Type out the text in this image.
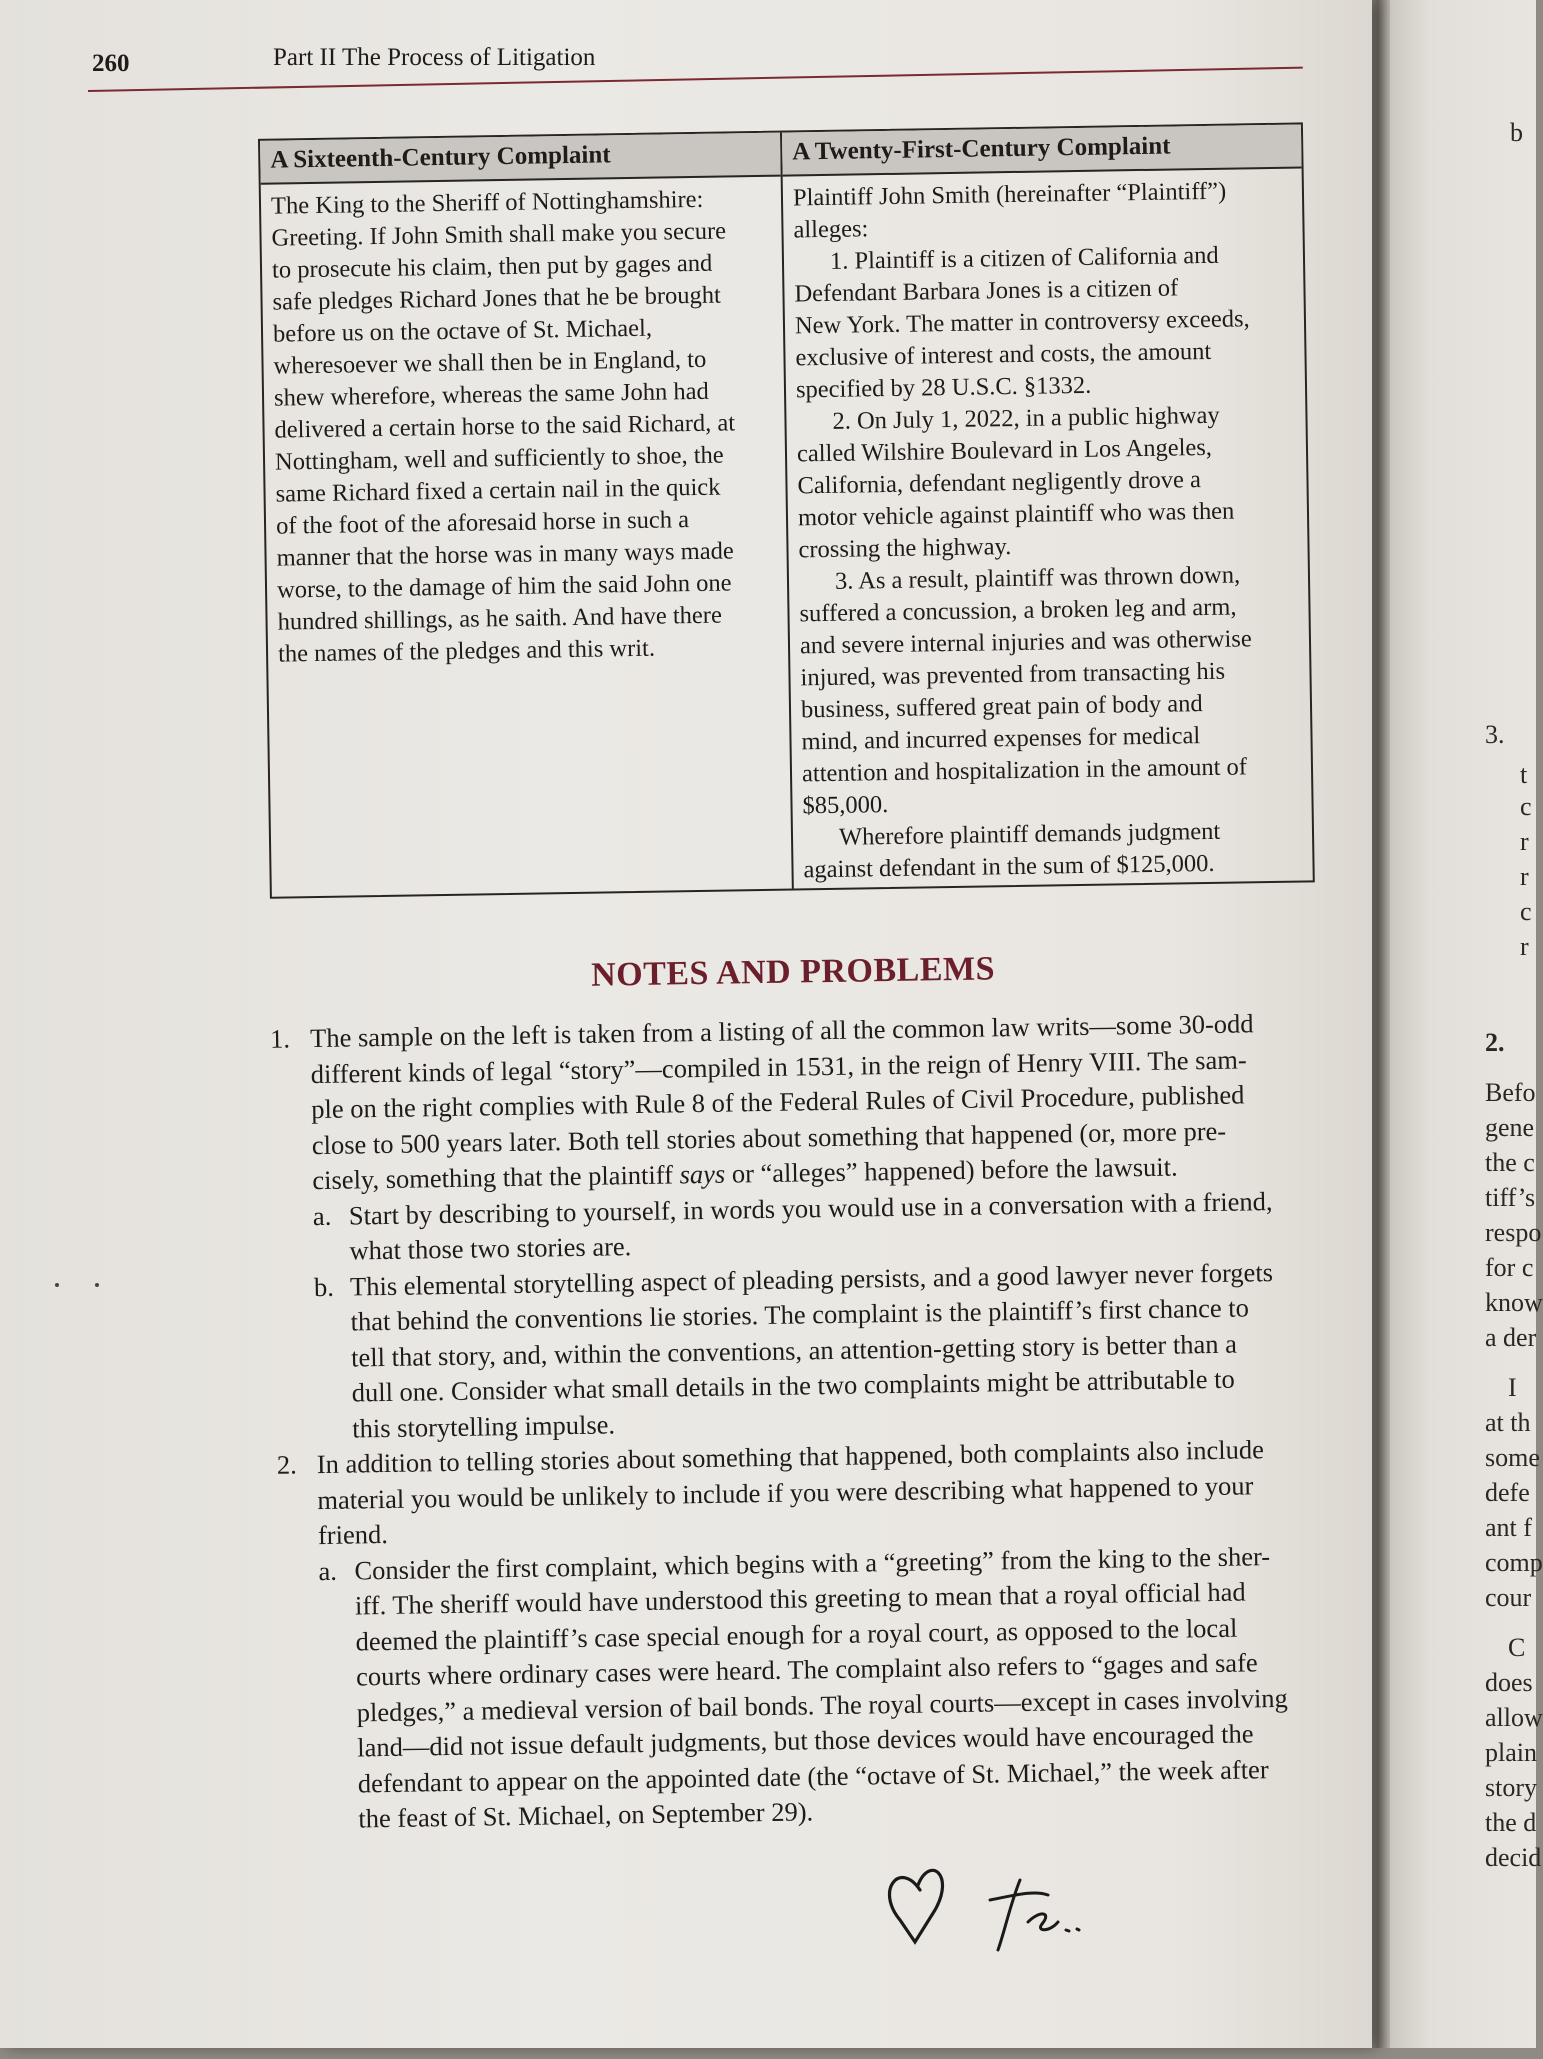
b
3.
t
c
r
r
c
r
2.
Befo
gene
the c
tiff’s
respo
for c
know
a der
I
at th
some
defe
ant f
comp
cour
C
does
allow
plain
story
the d
decid
260	Part II The Process of Litigation
A Sixteenth-Century Complaint

The King to the Sheriff of Nottinghamshire:

Greeting. If John Smith shall make you secure

to prosecute his claim, then put by gages and

safe pledges Richard Jones that he be brought

before us on the octave of St. Michael,

wheresoever we shall then be in England, to

shew wherefore, whereas the same John had

delivered a certain horse to the said Richard, at

Nottingham, well and sufficiently to shoe, the

same Richard fixed a certain nail in the quick

of the foot of the aforesaid horse in such a

manner that the horse was in many ways made

worse, to the damage of him the said John one

hundred shillings, as he saith. And have there

the names of the pledges and this writ.

A Twenty-First-Century Complaint

Plaintiff John Smith (hereinafter “Plaintiff”)

alleges:

1. Plaintiff is a citizen of California and

Defendant Barbara Jones is a citizen of

New York. The matter in controversy exceeds,

exclusive of interest and costs, the amount

specified by 28 U.S.C. §1332.

2. On July 1, 2022, in a public highway

called Wilshire Boulevard in Los Angeles,

California, defendant negligently drove a

motor vehicle against plaintiff who was then

crossing the highway.

3. As a result, plaintiff was thrown down,

suffered a concussion, a broken leg and arm,

and severe internal injuries and was otherwise

injured, was prevented from transacting his

business, suffered great pain of body and

mind, and incurred expenses for medical

attention and hospitalization in the amount of

$85,000.

Wherefore plaintiff demands judgment

against defendant in the sum of $125,000.

NOTES AND PROBLEMS
1. The sample on the left is taken from a listing of all the common law writs—some 30-odd

different kinds of legal “story”—compiled in 1531, in the reign of Henry VIII. The sam-

ple on the right complies with Rule 8 of the Federal Rules of Civil Procedure, published

close to 500 years later. Both tell stories about something that happened (or, more pre-

cisely, something that the plaintiff says or “alleges” happened) before the lawsuit.

a. Start by describing to yourself, in words you would use in a conversation with a friend,

what those two stories are.

b. This elemental storytelling aspect of pleading persists, and a good lawyer never forgets

that behind the conventions lie stories. The complaint is the plaintiff’s first chance to

tell that story, and, within the conventions, an attention-getting story is better than a

dull one. Consider what small details in the two complaints might be attributable to

this storytelling impulse.

2. In addition to telling stories about something that happened, both complaints also include

material you would be unlikely to include if you were describing what happened to your

friend.

a. Consider the first complaint, which begins with a “greeting” from the king to the sher-

iff. The sheriff would have understood this greeting to mean that a royal official had

deemed the plaintiff’s case special enough for a royal court, as opposed to the local

courts where ordinary cases were heard. The complaint also refers to “gages and safe

pledges,” a medieval version of bail bonds. The royal courts—except in cases involving

land—did not issue default judgments, but those devices would have encouraged the

defendant to appear on the appointed date (the “octave of St. Michael,” the week after

the feast of St. Michael, on September 29).
